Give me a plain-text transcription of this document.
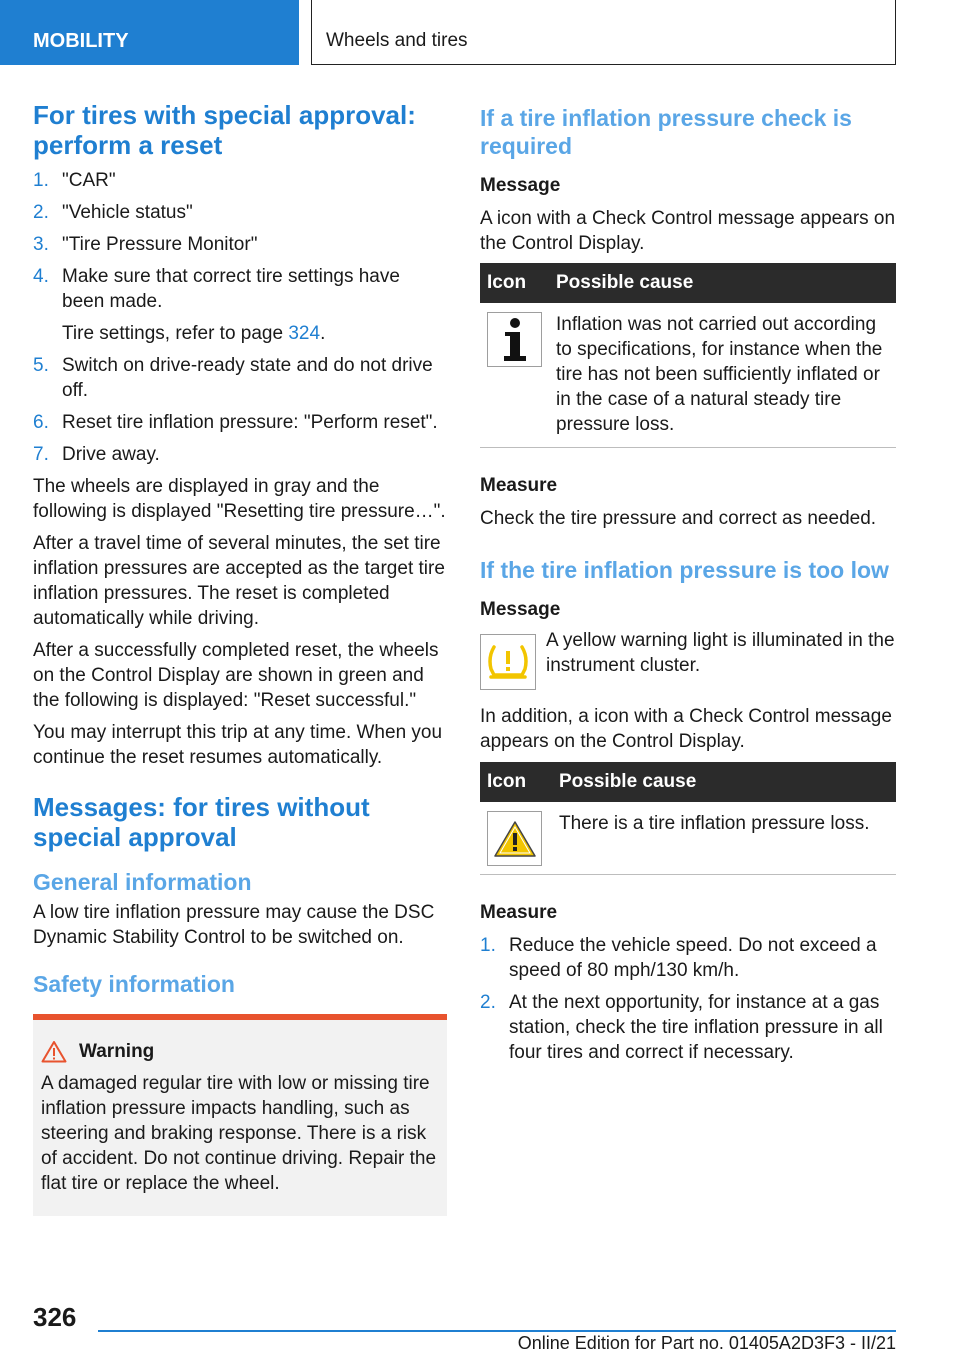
MOBILITY	Wheels and tires
For tires with special approval: perform a reset
1. "CAR"
2. "Vehicle status"
3. "Tire Pressure Monitor"
4. Make sure that correct tire settings have been made.
Tire settings, refer to page 324.
5. Switch on drive-ready state and do not drive off.
6. Reset tire inflation pressure: "Perform reset".
7. Drive away.

The wheels are displayed in gray and the following is displayed "Resetting tire pressure…".

After a travel time of several minutes, the set tire inflation pressures are accepted as the target tire inflation pressures. The reset is completed automatically while driving.

After a successfully completed reset, the wheels on the Control Display are shown in green and the following is displayed: "Reset successful."

You may interrupt this trip at any time. When you continue the reset resumes automatically.

Messages: for tires without special approval
General information

A low tire inflation pressure may cause the DSC Dynamic Stability Control to be switched on.

Safety information
Warning

A damaged regular tire with low or missing tire inflation pressure impacts handling, such as steering and braking response. There is a risk of accident. Do not continue driving. Repair the flat tire or replace the wheel.

If a tire inflation pressure check is required
Message

A icon with a Check Control message appears on the Control Display.

Icon	Possible cause

	Inflation was not carried out according to specifications, for instance when the tire has not been sufficiently inflated or in the case of a natural steady tire pressure loss.
Measure

Check the tire pressure and correct as needed.

If the tire inflation pressure is too low
Message

A yellow warning light is illuminated in the instrument cluster.

In addition, a icon with a Check Control message appears on the Control Display.

Icon	Possible cause

	There is a tire inflation pressure loss.
Measure
1. Reduce the vehicle speed. Do not exceed a speed of 80 mph/130 km/h.
2. At the next opportunity, for instance at a gas station, check the tire inflation pressure in all four tires and correct if necessary.
326
Online Edition for Part no. 01405A2D3F3 - II/21
